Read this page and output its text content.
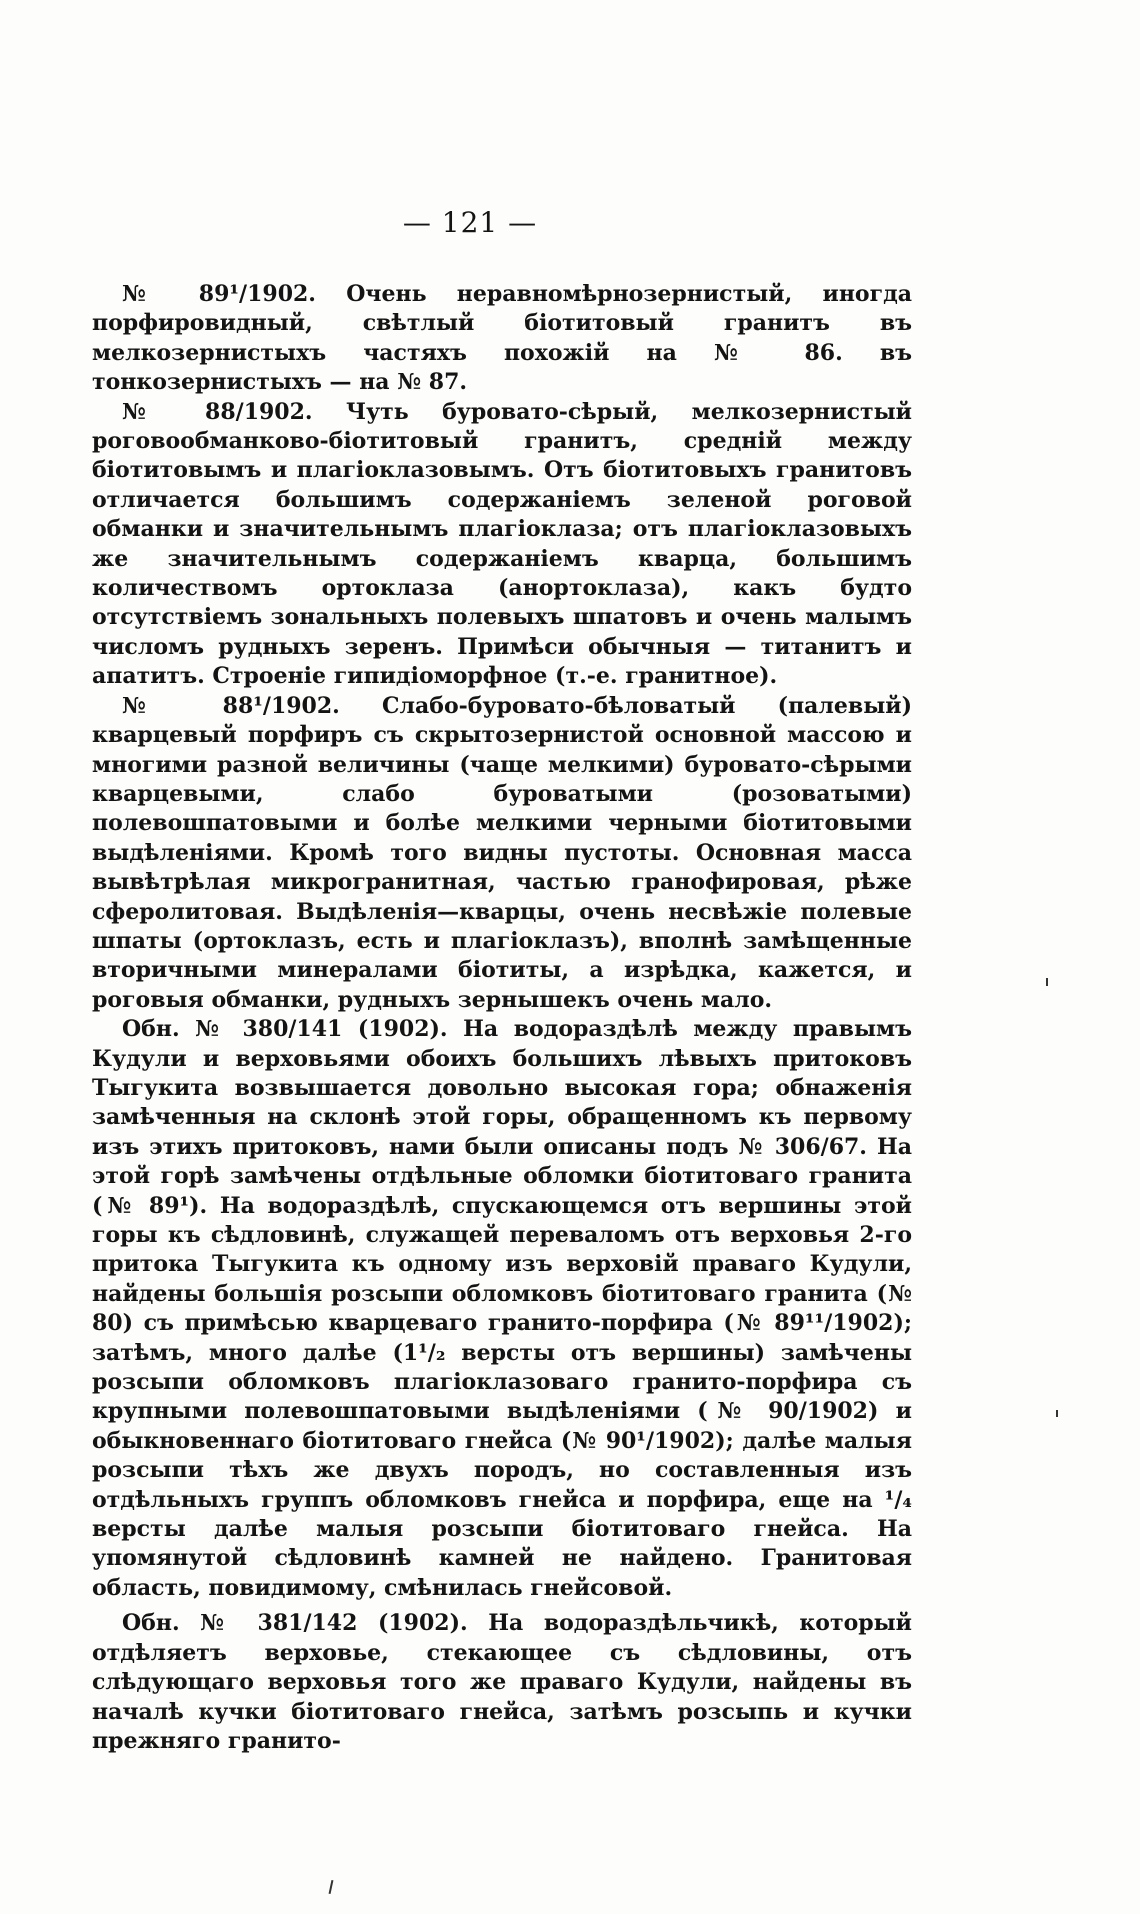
— 121 —

№ 89¹/1902. Очень неравномѣрнозернистый, иногда порфировидный, свѣтлый біотитовый гранитъ въ мелкозернистыхъ частяхъ похожій на № 86. въ тонкозернистыхъ — на № 87.

№ 88/1902. Чуть буровато-сѣрый, мелкозернистый роговообманково-біотитовый гранитъ, средній между біотитовымъ и плагіоклазовымъ. Отъ біотитовыхъ гранитовъ отличается большимъ содержаніемъ зеленой роговой обманки и значительнымъ плагіоклаза; отъ плагіоклазовыхъ же значительнымъ содержаніемъ кварца, большимъ количествомъ ортоклаза (анортоклаза), какъ будто отсутствіемъ зональныхъ полевыхъ шпатовъ и очень малымъ числомъ рудныхъ зеренъ. Примѣси обычныя — титанитъ и апатитъ. Строеніе гипидіоморфное (т.-е. гранитное).

№ 88¹/1902. Слабо-буровато-бѣловатый (палевый) кварцевый порфиръ съ скрытозернистой основной массою и многими разной величины (чаще мелкими) буровато-сѣрыми кварцевыми, слабо буроватыми (розоватыми) полевошпатовыми и болѣе мелкими черными біотитовыми выдѣленіями. Кромѣ того видны пустоты. Основная масса вывѣтрѣлая микрогранитная, частью гранофировая, рѣже сферолитовая. Выдѣленія—кварцы, очень несвѣжіе полевые шпаты (ортоклазъ, есть и плагіоклазъ), вполнѣ замѣщенные вторичными минералами біотиты, а изрѣдка, кажется, и роговыя обманки, рудныхъ зернышекъ очень мало.

Обн. № 380/141 (1902). На водораздѣлѣ между правымъ Кудули и верховьями обоихъ большихъ лѣвыхъ притоковъ Тыгукита возвышается довольно высокая гора; обнаженія замѣченныя на склонѣ этой горы, обращенномъ къ первому изъ этихъ притоковъ, нами были описаны подъ № 306/67. На этой горѣ замѣчены отдѣльные обломки біотитоваго гранита (№ 89¹). На водораздѣлѣ, спускающемся отъ вершины этой горы къ сѣдловинѣ, служащей переваломъ отъ верховья 2-го притока Тыгукита къ одному изъ верховій праваго Кудули, найдены большія розсыпи обломковъ біотитоваго гранита (№ 80) съ примѣсью кварцеваго гранито-порфира (№ 89¹¹/1902); затѣмъ, много далѣе (1¹/₂ версты отъ вершины) замѣчены розсыпи обломковъ плагіоклазоваго гранито-порфира съ крупными полевошпатовыми выдѣленіями (№ 90/1902) и обыкновеннаго біотитоваго гнейса (№ 90¹/1902); далѣе малыя розсыпи тѣхъ же двухъ породъ, но составленныя изъ отдѣльныхъ группъ обломковъ гнейса и порфира, еще на ¹/₄ версты далѣе малыя розсыпи біотитоваго гнейса. На упомянутой сѣдловинѣ камней не найдено. Гранитовая область, повидимому, смѣнилась гнейсовой.

Обн. № 381/142 (1902). На водораздѣльчикѣ, который отдѣляетъ верховье, стекающее съ сѣдловины, отъ слѣдующаго верховья того же праваго Кудули, найдены въ началѣ кучки біотитоваго гнейса, затѣмъ розсыпь и кучки прежняго гранито-
